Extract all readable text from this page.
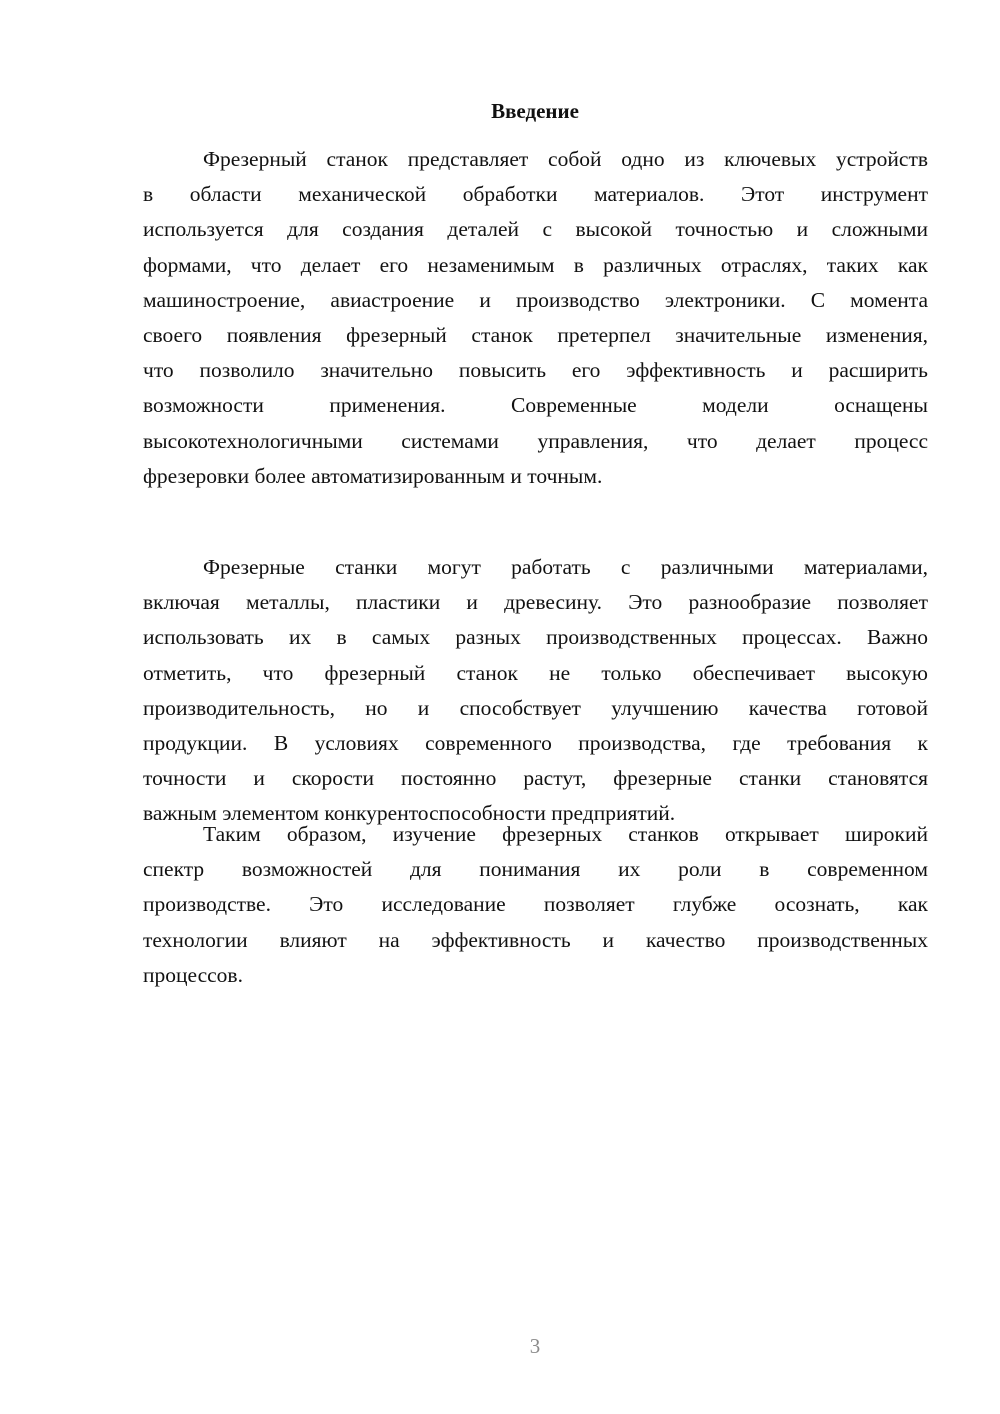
Введение
Фрезерный станок представляет собой одно из ключевых устройств
в области механической обработки материалов. Этот инструмент
используется для создания деталей с высокой точностью и сложными
формами, что делает его незаменимым в различных отраслях, таких как
машиностроение, авиастроение и производство электроники. С момента
своего появления фрезерный станок претерпел значительные изменения,
что позволило значительно повысить его эффективность и расширить
возможности применения. Современные модели оснащены
высокотехнологичными системами управления, что делает процесс
фрезеровки более автоматизированным и точным.
Фрезерные станки могут работать с различными материалами,
включая металлы, пластики и древесину. Это разнообразие позволяет
использовать их в самых разных производственных процессах. Важно
отметить, что фрезерный станок не только обеспечивает высокую
производительность, но и способствует улучшению качества готовой
продукции. В условиях современного производства, где требования к
точности и скорости постоянно растут, фрезерные станки становятся
важным элементом конкурентоспособности предприятий.
Таким образом, изучение фрезерных станков открывает широкий
спектр возможностей для понимания их роли в современном
производстве. Это исследование позволяет глубже осознать, как
технологии влияют на эффективность и качество производственных
процессов.
3
